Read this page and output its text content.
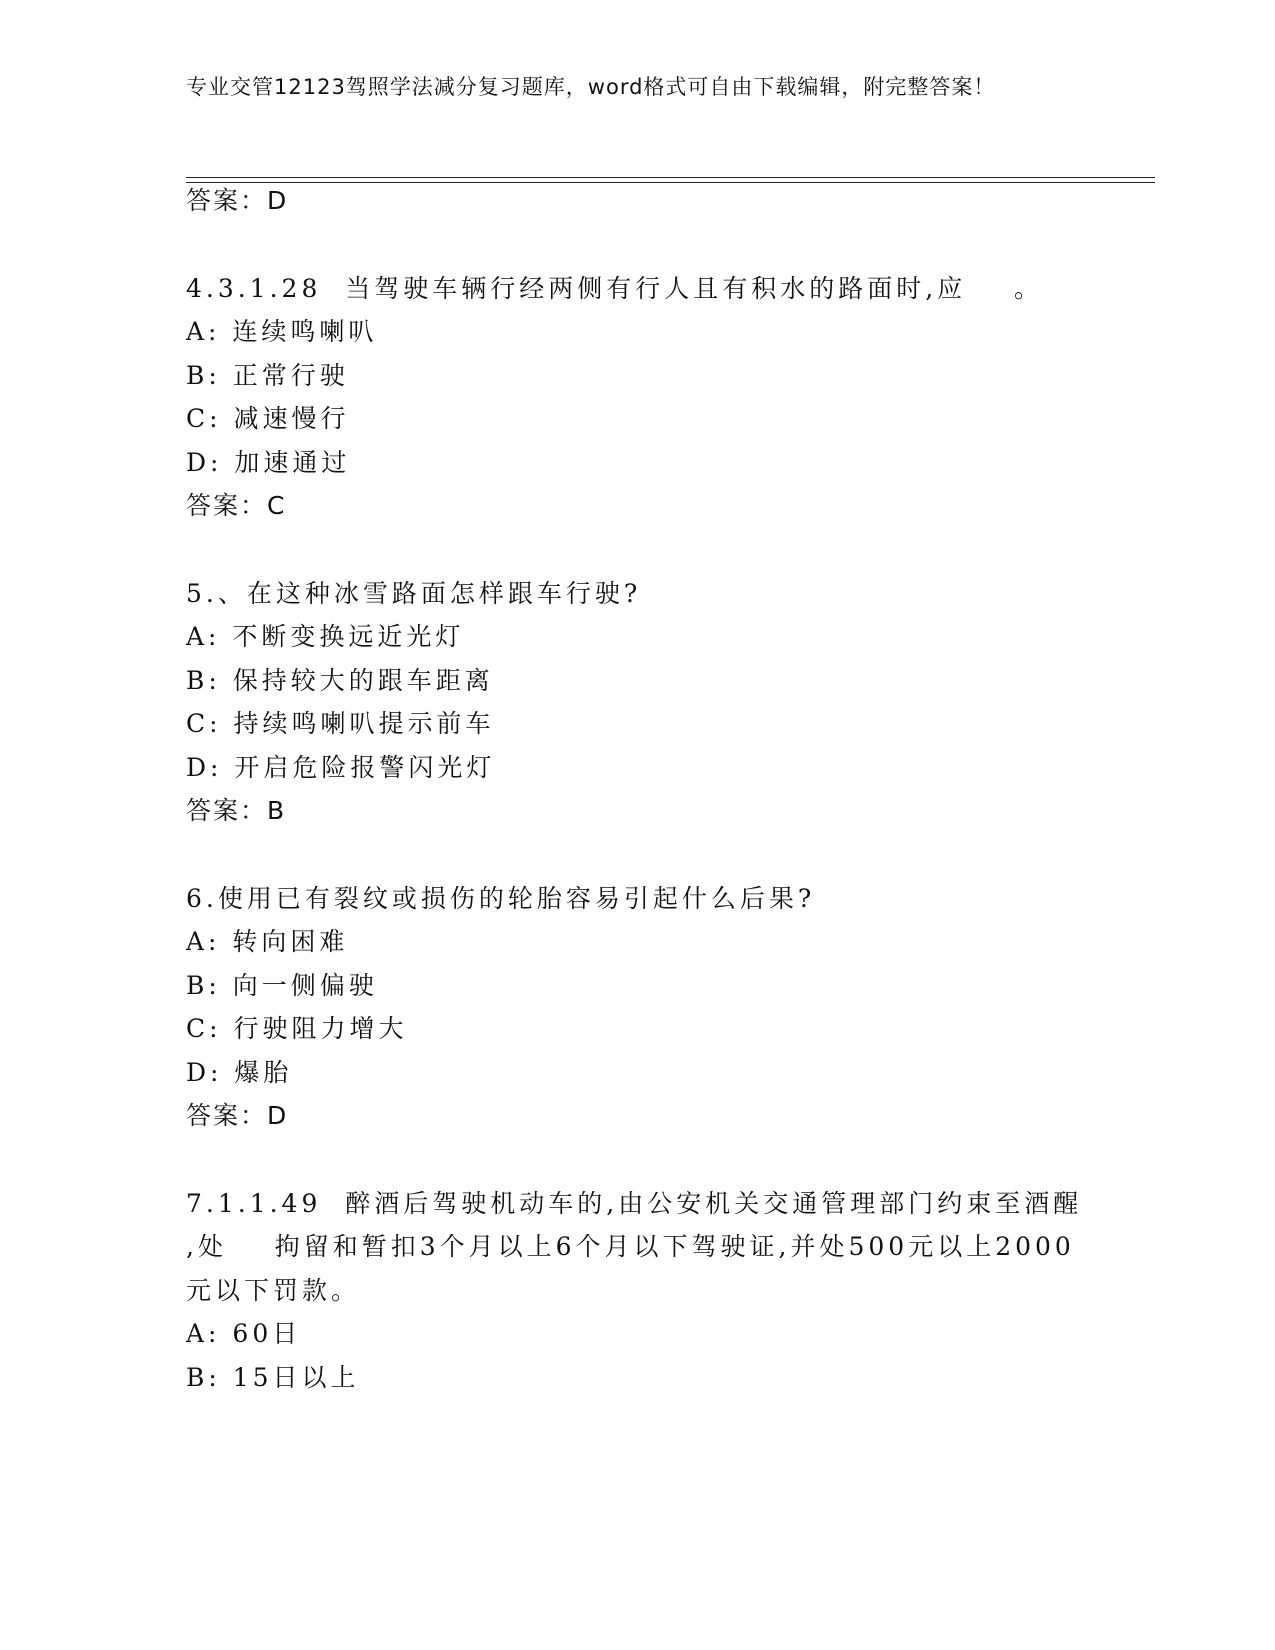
专业交管12123驾照学法减分复习题库，word格式可自由下载编辑，附完整答案！
答案：D
4.3.1.28  当驾驶车辆行经两侧有行人且有积水的路面时,应    。
A: 连续鸣喇叭
B: 正常行驶
C: 减速慢行
D: 加速通过
答案：C
5.、在这种冰雪路面怎样跟车行驶?
A: 不断变换远近光灯
B: 保持较大的跟车距离
C: 持续鸣喇叭提示前车
D: 开启危险报警闪光灯
答案：B
6.使用已有裂纹或损伤的轮胎容易引起什么后果?
A: 转向困难
B: 向一侧偏驶
C: 行驶阻力增大
D: 爆胎
答案：D
7.1.1.49  醉酒后驾驶机动车的,由公安机关交通管理部门约束至酒醒
,处    拘留和暂扣3个月以上6个月以下驾驶证,并处500元以上2000
元以下罚款。
A: 60日
B: 15日以上
